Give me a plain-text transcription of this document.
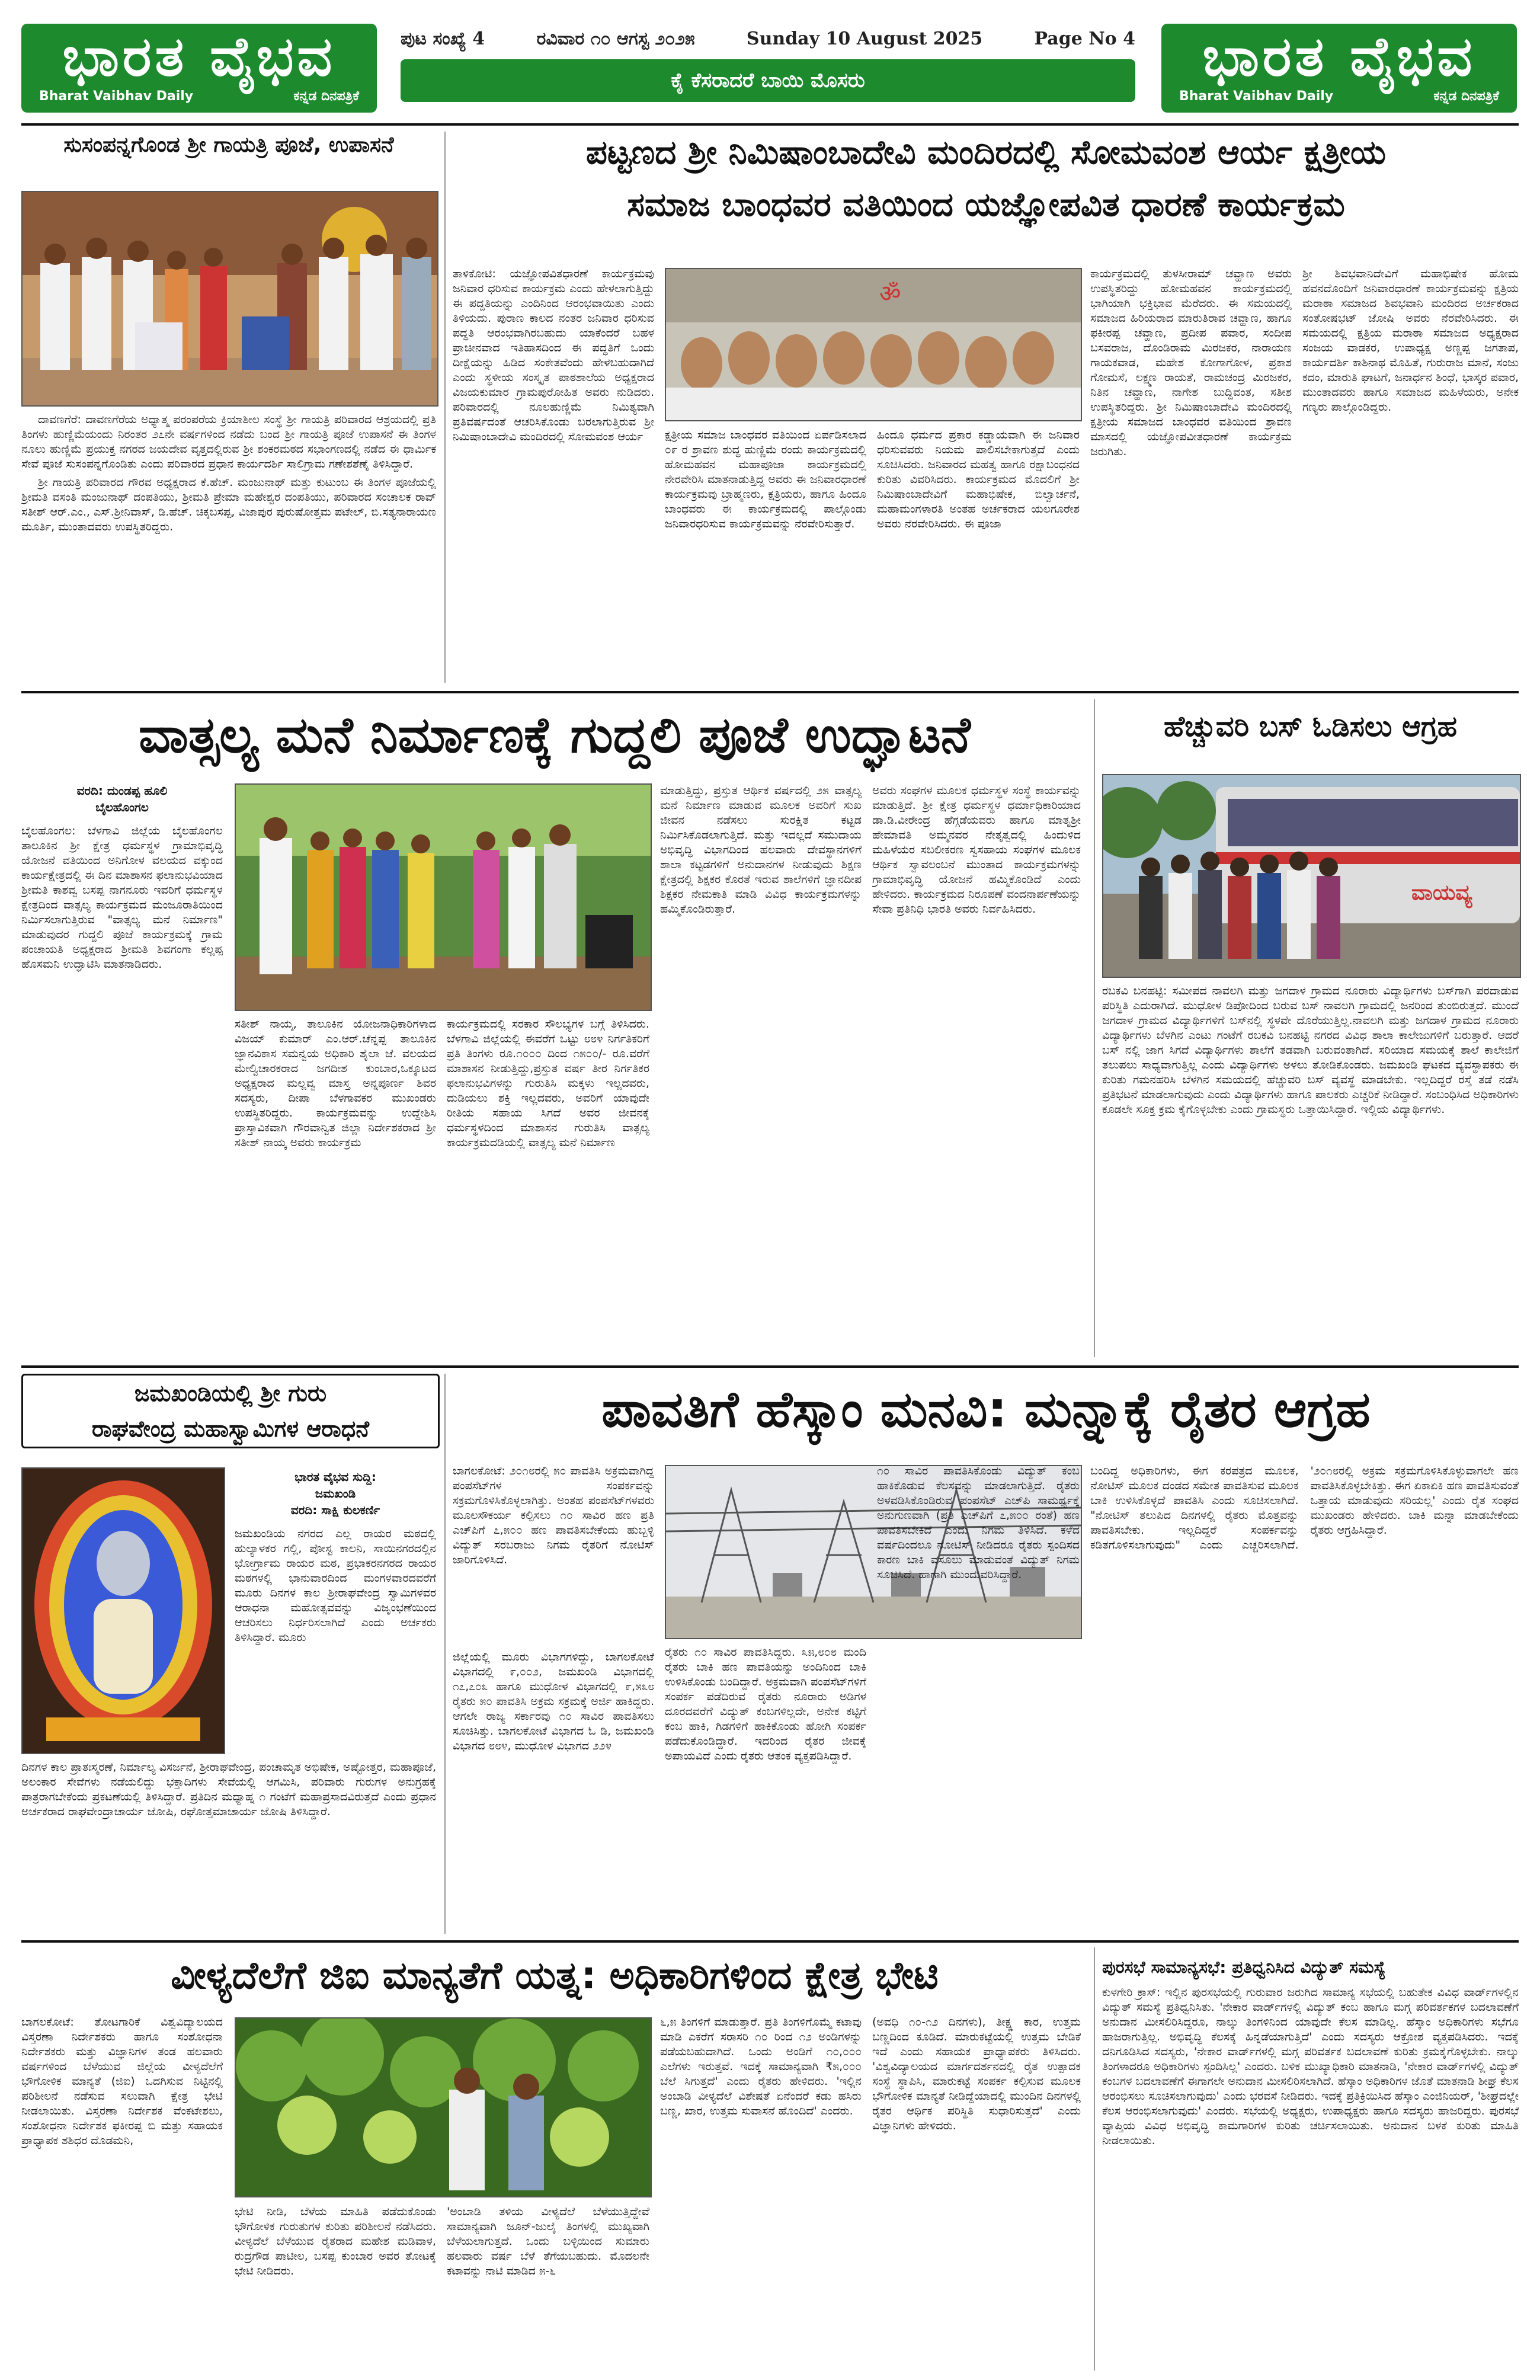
ಭಾರತ ವೈಭವ
Bharat Vaibhav Daily	ಕನ್ನಡ ದಿನಪತ್ರಿಕೆ
ಪುಟ ಸಂಖ್ಯೆ 4	ರವಿವಾರ ೧೦ ಆಗಸ್ಟ ೨೦೨೫	Sunday 10 August 2025	Page No 4
ಕೈ ಕೆಸರಾದರೆ ಬಾಯಿ ಮೊಸರು	ಭಾರತ ವೈಭವ
Bharat Vaibhav Daily	ಕನ್ನಡ ದಿನಪತ್ರಿಕೆ
ಸುಸಂಪನ್ನಗೊಂಡ ಶ್ರೀ ಗಾಯತ್ರಿ ಪೂಜೆ, ಉಪಾಸನೆ

ದಾವಣಗೆರೆ: ದಾವಣಗೆರೆಯ ಅಧ್ಯಾತ್ಮ ಪರಂಪರೆಯ ಕ್ರಿಯಾಶೀಲ ಸಂಸ್ಥೆ ಶ್ರೀ ಗಾಯತ್ರಿ ಪರಿವಾರದ ಆಶ್ರಯದಲ್ಲಿ ಪ್ರತಿ ತಿಂಗಳು ಹುಣ್ಣಿಮೆಯಂದು ನಿರಂತರ ೨೭ನೇ ವರ್ಷಗಳಿಂದ ನಡೆದು ಬಂದ ಶ್ರೀ ಗಾಯತ್ರಿ ಪೂಜೆ ಉಪಾಸನೆ ಈ ತಿಂಗಳ ನೂಲು ಹುಣ್ಣಿಮೆ ಪ್ರಯುಕ್ತ ನಗರದ ಜಯದೇವ ವೃತ್ತದಲ್ಲಿರುವ ಶ್ರೀ ಶಂಕರಮಠದ ಸಭಾಂಗಣದಲ್ಲಿ ನಡೆದ ಈ ಧಾರ್ಮಿಕ ಸೇವೆ ಪೂಜೆ ಸುಸಂಪನ್ನಗೊಂಡಿತು ಎಂದು ಪರಿವಾರದ ಪ್ರಧಾನ ಕಾರ್ಯದರ್ಶಿ ಸಾಲಿಗ್ರಾಮ ಗಣೇಶಶೆಣೈ ತಿಳಿಸಿದ್ದಾರೆ.

ಶ್ರೀ ಗಾಯತ್ರಿ ಪರಿವಾರದ ಗೌರವ ಅಧ್ಯಕ್ಷರಾದ ಕೆ.ಹೆಚ್. ಮಂಜುನಾಥ್ ಮತ್ತು ಕುಟುಂಬ ಈ ತಿಂಗಳ ಪೂಜೆಯಲ್ಲಿ ಶ್ರೀಮತಿ ವಸಂತಿ ಮಂಜುನಾಥ್ ದಂಪತಿಯು, ಶ್ರೀಮತಿ ಪ್ರೇಮಾ ಮಹೇಶ್ವರ ದಂಪತಿಯು, ಪರಿವಾರದ ಸಂಚಾಲಕ ರಾವ್ ಸತೀಶ್ ಆರ್.ಎಂ., ಎಸ್.ಶ್ರೀನಿವಾಸ್, ಡಿ.ಹೆಚ್. ಚಿಕ್ಕಬಸಪ್ಪ, ವಿಜಾಪುರ ಪುರುಷೋತ್ತಮ ಪಟೇಲ್, ಬಿ.ಸತ್ಯನಾರಾಯಣ ಮೂರ್ತಿ, ಮುಂತಾದವರು ಉಪಸ್ಥಿತರಿದ್ದರು.

ಪಟ್ಟಣದ ಶ್ರೀ ನಿಮಿಷಾಂಬಾದೇವಿ ಮಂದಿರದಲ್ಲಿ ಸೋಮವಂಶ ಆರ್ಯ ಕ್ಷತ್ರೀಯ
ಸಮಾಜ ಬಾಂಧವರ ವತಿಯಿಂದ ಯಜ್ಞೋಪವಿತ ಧಾರಣೆ ಕಾರ್ಯಕ್ರಮ
ತಾಳಿಕೋಟಿ: ಯಜ್ಞೋಪವಿತಧಾರಣೆ ಕಾರ್ಯಕ್ರಮವು ಜನಿವಾರ ಧರಿಸುವ ಕಾರ್ಯಕ್ರಮ ಎಂದು ಹೇಳಲಾಗುತ್ತಿದ್ದು ಈ ಪದ್ದತಿಯನ್ನು ಎಂದಿನಿಂದ ಆರಂಭವಾಯಿತು ಎಂದು ತಿಳಿಯದು. ಪುರಾಣ ಕಾಲದ ನಂತರ ಜನಿವಾರ ಧರಿಸುವ ಪದ್ಧತಿ ಆರಂಭವಾಗಿರಬಹುದು ಯಾಕೆಂದರೆ ಬಹಳ ಪ್ರಾಚೀನವಾದ ಇತಿಹಾಸದಿಂದ ಈ ಪದ್ಧತಿಗೆ ಒಂದು ದೀಕ್ಷೆಯನ್ನು ಹಿಡಿದ ಸಂಕೇತವೆಂದು ಹೇಳಬಹುದಾಗಿದೆ ಎಂದು ಸ್ಥಳೀಯ ಸಂಸ್ಕೃತ ಪಾಠಶಾಲೆಯ ಅಧ್ಯಕ್ಷರಾದ ವಿಜಯಕುಮಾರ ಗ್ರಾಮಪುರೋಹಿತ ಅವರು ನುಡಿದರು. ಪರಿವಾರದಲ್ಲಿ ನೂಲಹುಣ್ಣಿಮೆ ನಿಮಿತ್ಯವಾಗಿ ಪ್ರತಿವರ್ಷದಂತೆ ಆಚರಿಸಿಕೊಂಡು ಬರಲಾಗುತ್ತಿರುವ ಶ್ರೀ ನಿಮಿಷಾಂಬಾದೇವಿ ಮಂದಿರದಲ್ಲಿ ಸೋಮವಂಶ ಆರ್ಯ
ॐ
ಕ್ಷತ್ರೀಯ ಸಮಾಜ ಬಾಂಧವರ ವತಿಯಿಂದ ಏರ್ಪಡಿಸಲಾದ ೦೯ ರ ಶ್ರಾವಣ ಶುದ್ಧ ಹುಣ್ಣಿಮೆ ರಂದು ಕಾರ್ಯಕ್ರಮದಲ್ಲಿ ಹೋಮಹವನ ಮಹಾಪೂಜಾ ಕಾರ್ಯಕ್ರಮದಲ್ಲಿ ನೇರವೇರಿಸಿ ಮಾತನಾಡುತ್ತಿದ್ದ ಅವರು ಈ ಜನಿವಾರಧಾರಣೆ ಕಾರ್ಯಕ್ರಮವು ಬ್ರಾಹ್ಮಣರು, ಕ್ಷತ್ರಿಯರು, ಹಾಗೂ ಹಿಂದೂ ಬಾಂಧವರು ಈ ಕಾರ್ಯಕ್ರಮದಲ್ಲಿ ಪಾಲ್ಗೊಂಡು ಜನಿವಾರಧರಿಸುವ ಕಾರ್ಯಕ್ರಮವನ್ನು ನೆರವೇರಿಸುತ್ತಾರೆ.
ಹಿಂದೂ ಧರ್ಮದ ಪ್ರಕಾರ ಕಡ್ಡಾಯವಾಗಿ ಈ ಜನಿವಾರ ಧರಿಸುವವರು ನಿಯಮ ಪಾಲಿಸಬೇಕಾಗುತ್ತದೆ ಎಂದು ಸೂಚಿಸಿದರು. ಜನಿವಾರದ ಮಹತ್ವ ಹಾಗೂ ರಕ್ಷಾಬಂಧನದ ಕುರಿತು ವಿವರಿಸಿದರು. ಕಾರ್ಯಕ್ರಮದ ಮೊದಲಿಗೆ ಶ್ರೀ ನಿಮಿಷಾಂಬಾದೇವಿಗೆ ಮಹಾಭಿಷೇಕ, ಬಿಲ್ವಾರ್ಚನೆ, ಮಹಾಮಂಗಳಾರತಿ ಅಂತಹ ಅರ್ಚಕರಾದ ಯಲಗೂರೇಶ ಅವರು ನೆರವೇರಿಸಿದರು. ಈ ಪೂಜಾ
ಕಾರ್ಯಕ್ರಮದಲ್ಲಿ ತುಳಸೀರಾಮ್ ಚವ್ಹಾಣ ಅವರು ಉಪಸ್ಥಿತರಿದ್ದು ಹೋಮಹವನ ಕಾರ್ಯಕ್ರಮದಲ್ಲಿ ಭಾಗಿಯಾಗಿ ಭಕ್ತಿಭಾವ ಮೆರೆದರು. ಈ ಸಮಯದಲ್ಲಿ ಸಮಾಜದ ಹಿರಿಯರಾದ ಮಾರುತಿರಾವ ಚವ್ಹಾಣ, ಹಾಗೂ ಫಕೀರಪ್ಪ ಚವ್ಹಾಣ, ಪ್ರದೀಪ ಪವಾರ, ಸಂದೀಪ ಬಸವರಾಜ, ದೊಂಡಿರಾಮ ಮಿರಜಕರ, ನಾರಾಯಣ ಗಾಯಕವಾಡ, ಮಹೇಶ ಕೋಗಾಗೋಳ, ಪ್ರಕಾಶ ಗೋಮಸೆ, ಲಕ್ಷ್ಮಣ ರಾಯತೆ, ರಾಮಚಂದ್ರ ಮಿರಜಕರ, ನಿತಿನ ಚವ್ಹಾಣ, ನಾಗೇಶ ಬುದ್ದಿವಂತ, ಸತೀಶ ಉಪಸ್ಥಿತರಿದ್ದರು. ಶ್ರೀ ನಿಮಿಷಾಂಬಾದೇವಿ ಮಂದಿರದಲ್ಲಿ ಕ್ಷತ್ರೀಯ ಸಮಾಜದ ಬಾಂಧವರ ವತಿಯಿಂದ ಶ್ರಾವಣ ಮಾಸದಲ್ಲಿ ಯಜ್ಞೋಪವೀತಧಾರಣೆ ಕಾರ್ಯಕ್ರಮ ಜರುಗಿತು.
ಶ್ರೀ ಶಿವಭವಾನಿದೇವಿಗೆ ಮಹಾಭಿಷೇಕ ಹೋಮ ಹವನದೊಂದಿಗೆ ಜನಿವಾರಧಾರಣೆ ಕಾರ್ಯಕ್ರಮವನ್ನು ಕ್ಷತ್ರಿಯ ಮರಾಠಾ ಸಮಾಜದ ಶಿವಭವಾನಿ ಮಂದಿರದ ಅರ್ಚಕರಾದ ಸಂತೋಷಭಟ್ ಜೋಷಿ ಅವರು ನೆರವೇರಿಸಿದರು. ಈ ಸಮಯದಲ್ಲಿ ಕ್ಷತ್ರಿಯ ಮರಾಠಾ ಸಮಾಜದ ಅಧ್ಯಕ್ಷರಾದ ಸಂಜಯ ವಾಡಕರ, ಉಪಾಧ್ಯಕ್ಷ ಅಣ್ಣಪ್ಪ ಜಗತಾಪ, ಕಾರ್ಯದರ್ಶಿ ಕಾಶಿನಾಥ ಮೊಹಿತೆ, ಗುರುರಾಜ ಮಾನೆ, ಸಂಜು ಕದಂ, ಮಾರುತಿ ಘಾಟಗೆ, ಜನಾರ್ಧನ ಶಿಂಧೆ, ಭಾಸ್ಕರ ಪವಾರ, ಮುಂತಾದವರು ಹಾಗೂ ಸಮಾಜದ ಮಹಿಳೆಯರು, ಅನೇಕ ಗಣ್ಯರು ಪಾಲ್ಗೊಂಡಿದ್ದರು.
ವಾತ್ಸಲ್ಯ ಮನೆ ನಿರ್ಮಾಣಕ್ಕೆ ಗುದ್ದಲಿ ಪೂಜೆ ಉದ್ಘಾಟನೆ
ವರದಿ: ದುಂಡಪ್ಪ ಹೂಲಿ
ಬೈಲಹೊಂಗಲ
ಬೈಲಹೊಂಗಲ: ಬೆಳಗಾವಿ ಜಿಲ್ಲೆಯ ಬೈಲಹೊಂಗಲ ತಾಲೂಕಿನ ಶ್ರೀ ಕ್ಷೇತ್ರ ಧರ್ಮಸ್ಥಳ ಗ್ರಾಮಾಭಿವೃದ್ಧಿ ಯೋಜನೆ ವತಿಯಿಂದ ಅನಿಗೋಳ ವಲಯದ ವಕ್ಕುಂದ ಕಾರ್ಯಕ್ಷೇತ್ರದಲ್ಲಿ ಈ ದಿನ ಮಾಶಾಸನ ಫಲಾನುಭವಿಯಾದ ಶ್ರೀಮತಿ ಕಾಶವ್ವ ಬಸಪ್ಪ ನಾಗನೂರು ಇವರಿಗೆ ಧರ್ಮಸ್ಥಳ ಕ್ಷೇತ್ರದಿಂದ ವಾತ್ಸಲ್ಯ ಕಾರ್ಯಕ್ರಮದ ಮಂಜೂರಾತಿಯಿಂದ ನಿರ್ಮಿಸಲಾಗುತ್ತಿರುವ "ವಾತ್ಸಲ್ಯ ಮನೆ ನಿರ್ಮಾಣ" ಮಾಡುವುದರ ಗುದ್ದಲಿ ಪೂಜೆ ಕಾರ್ಯಕ್ರಮಕ್ಕೆ ಗ್ರಾಮ ಪಂಚಾಯತಿ ಅಧ್ಯಕ್ಷರಾದ ಶ್ರೀಮತಿ ಶಿವಗಂಗಾ ಕಲ್ಲಪ್ಪ ಹೊಸಮನಿ ಉದ್ಘಾಟಿಸಿ ಮಾತನಾಡಿದರು.
ಸತೀಶ್ ನಾಯ್ಕ, ತಾಲೂಕಿನ ಯೋಜನಾಧಿಕಾರಿಗಳಾದ ವಿಜಯ್ ಕುಮಾರ್ ಎಂ.ಆರ್.ಚೆನ್ನಪ್ಪ ತಾಲೂಕಿನ ಜ್ಞಾನವಿಕಾಸ ಸಮನ್ವಯ ಅಧಿಕಾರಿ ಶೈಲಾ ಜೆ. ವಲಯದ ಮೇಲ್ವಿಚಾರಕರಾದ ಜಗದೀಶ ಕುಂಬಾರ,ಒಕ್ಕೂಟದ ಅಧ್ಯಕ್ಷರಾದ ಮಲ್ಲವ್ವ ಮಾಸ್ತ ಅನ್ನಪೂರ್ಣ ಶಿವರ ಸದಸ್ಯರು, ದೀಪಾ ಬೆಳಗಾವಕರ ಮುಖಂಡರು ಉಪಸ್ಥಿತರಿದ್ದರು. ಕಾರ್ಯಕ್ರಮವನ್ನು ಉದ್ದೇಶಿಸಿ ಪ್ರಾಸ್ತಾವಿಕವಾಗಿ ಗೌರವಾನ್ವಿತ ಜಿಲ್ಲಾ ನಿರ್ದೇಶಕರಾದ ಶ್ರೀ ಸತೀಶ್ ನಾಯ್ಕ ಅವರು ಕಾರ್ಯಕ್ರಮ
ಕಾರ್ಯಕ್ರಮದಲ್ಲಿ ಸರಕಾರ ಸೌಲಭ್ಯಗಳ ಬಗ್ಗೆ ತಿಳಿಸಿದರು. ಬೆಳಗಾವಿ ಜಿಲ್ಲೆಯಲ್ಲಿ ಈವರೆಗೆ ಒಟ್ಟು ೮೮೪ ನಿರ್ಗತಿಕರಿಗೆ ಪ್ರತಿ ತಿಂಗಳು ರೂ.೧೦೦೦ ದಿಂದ ೧೫೦೦/- ರೂ.ವರೆಗೆ ಮಾಶಾಸನ ನೀಡುತ್ತಿದ್ದು,ಪ್ರಸ್ತುತ ವರ್ಷ ತೀರ ನಿರ್ಗತಿಕರ ಫಲಾನುಭವಿಗಳನ್ನು ಗುರುತಿಸಿ ಮಕ್ಕಳು ಇಲ್ಲದವರು, ದುಡಿಯಲು ಶಕ್ತಿ ಇಲ್ಲದವರು, ಅವರಿಗೆ ಯಾವುದೇ ರೀತಿಯ ಸಹಾಯ ಸಿಗದೆ ಅವರ ಜೀವನಕ್ಕೆ ಧರ್ಮಸ್ಥಳದಿಂದ ಮಾಶಾಸನ ಗುರುತಿಸಿ ವಾತ್ಸಲ್ಯ ಕಾರ್ಯಕ್ರಮದಡಿಯಲ್ಲಿ ವಾತ್ಸಲ್ಯ ಮನೆ ನಿರ್ಮಾಣ
ಮಾಡುತ್ತಿದ್ದು, ಪ್ರಸ್ತುತ ಆರ್ಥಿಕ ವರ್ಷದಲ್ಲಿ ೨೫ ವಾತ್ಸಲ್ಯ ಮನೆ ನಿರ್ಮಾಣ ಮಾಡುವ ಮೂಲಕ ಅವರಿಗೆ ಸುಖ ಜೀವನ ನಡೆಸಲು ಸುರಕ್ಷಿತ ಕಟ್ಟಡ ನಿರ್ಮಿಸಿಕೊಡಲಾಗುತ್ತಿದೆ. ಮತ್ತು ಇದಲ್ಲದೆ ಸಮುದಾಯ ಅಭಿವೃದ್ಧಿ ವಿಭಾಗದಿಂದ ಹಲವಾರು ದೇವಸ್ಥಾನಗಳಿಗೆ ಶಾಲಾ ಕಟ್ಟಡಗಳಿಗೆ ಅನುದಾನಗಳ ನೀಡುವುದು ಶಿಕ್ಷಣ ಕ್ಷೇತ್ರದಲ್ಲಿ ಶಿಕ್ಷಕರ ಕೊರತೆ ಇರುವ ಶಾಲೆಗಳಿಗೆ ಜ್ಞಾನದೀಪ ಶಿಕ್ಷಕರ ನೇಮಕಾತಿ ಮಾಡಿ ವಿವಿಧ ಕಾರ್ಯಕ್ರಮಗಳನ್ನು ಹಮ್ಮಿಕೊಂಡಿರುತ್ತಾರೆ.
ಅವರು ಸಂಘಗಳ ಮೂಲಕ ಧರ್ಮಸ್ಥಳ ಸಂಸ್ಥೆ ಕಾರ್ಯವನ್ನು ಮಾಡುತ್ತಿದೆ. ಶ್ರೀ ಕ್ಷೇತ್ರ ಧರ್ಮಸ್ಥಳ ಧರ್ಮಾಧಿಕಾರಿಯಾದ ಡಾ.ಡಿ.ವೀರೇಂದ್ರ ಹೆಗ್ಗಡೆಯವರು ಹಾಗೂ ಮಾತೃಶ್ರೀ ಹೇಮಾವತಿ ಅಮ್ಮನವರ ನೇತೃತ್ವದಲ್ಲಿ ಹಿಂದುಳಿದ ಮಹಿಳೆಯರ ಸಬಲೀಕರಣ ಸ್ವಸಹಾಯ ಸಂಘಗಳ ಮೂಲಕ ಆರ್ಥಿಕ ಸ್ವಾವಲಂಬನೆ ಮುಂತಾದ ಕಾರ್ಯಕ್ರಮಗಳನ್ನು ಗ್ರಾಮಾಭಿವೃದ್ಧಿ ಯೋಜನೆ ಹಮ್ಮಿಕೊಂಡಿದೆ ಎಂದು ಹೇಳಿದರು. ಕಾರ್ಯಕ್ರಮದ ನಿರೂಪಣೆ ವಂದನಾರ್ಪಣೆಯನ್ನು ಸೇವಾ ಪ್ರತಿನಿಧಿ ಭಾರತಿ ಅವರು ನಿರ್ವಹಿಸಿದರು.
ಹೆಚ್ಚುವರಿ ಬಸ್ ಓಡಿಸಲು ಆಗ್ರಹ
ವಾಯವ್ಯ
ರಬಕವಿ ಬನಹಟ್ಟಿ: ಸಮೀಪದ ನಾವಲಗಿ ಮತ್ತು ಜಗದಾಳ ಗ್ರಾಮದ ನೂರಾರು ವಿದ್ಯಾರ್ಥಿಗಳು ಬಸ್‌ಗಾಗಿ ಪರದಾಡುವ ಪರಿಸ್ಥಿತಿ ಎದುರಾಗಿದೆ. ಮುಧೋಳ ಡಿಪೋದಿಂದ ಬರುವ ಬಸ್ ನಾವಲಗಿ ಗ್ರಾಮದಲ್ಲಿ ಜನರಿಂದ ತುಂಬಿರುತ್ತದೆ. ಮುಂದೆ ಜಗದಾಳ ಗ್ರಾಮದ ವಿದ್ಯಾರ್ಥಿಗಳಿಗೆ ಬಸ್‌ನಲ್ಲಿ ಸ್ಥಳವೇ ದೊರೆಯುತ್ತಿಲ್ಲ.ನಾವಲಗಿ ಮತ್ತು ಜಗದಾಳ ಗ್ರಾಮದ ನೂರಾರು ವಿದ್ಯಾರ್ಥಿಗಳು ಬೆಳಗಿನ ಎಂಟು ಗಂಟೆಗೆ ರಬಕವಿ ಬನಹಟ್ಟಿ ನಗರದ ವಿವಿಧ ಶಾಲಾ ಕಾಲೇಜುಗಳಿಗೆ ಬರುತ್ತಾರೆ. ಆದರೆ ಬಸ್ ನಲ್ಲಿ ಜಾಗ ಸಿಗದೆ ವಿದ್ಯಾರ್ಥಿಗಳು ಶಾಲೆಗೆ ತಡವಾಗಿ ಬರುವಂತಾಗಿದೆ. ಸರಿಯಾದ ಸಮಯಕ್ಕೆ ಶಾಲೆ ಕಾಲೇಜಿಗೆ ತಲುಪಲು ಸಾಧ್ಯವಾಗುತ್ತಿಲ್ಲ ಎಂದು ವಿದ್ಯಾರ್ಥಿಗಳು ಅಳಲು ತೋಡಿಕೊಂಡರು. ಜಮಖಂಡಿ ಘಟಕದ ವ್ಯವಸ್ಥಾಪಕರು ಈ ಕುರಿತು ಗಮನಹರಿಸಿ ಬೆಳಗಿನ ಸಮಯದಲ್ಲಿ ಹೆಚ್ಚುವರಿ ಬಸ್ ವ್ಯವಸ್ಥೆ ಮಾಡಬೇಕು. ಇಲ್ಲದಿದ್ದರೆ ರಸ್ತೆ ತಡೆ ನಡೆಸಿ ಪ್ರತಿಭಟನೆ ಮಾಡಲಾಗುವುದು ಎಂದು ವಿದ್ಯಾರ್ಥಿಗಳು ಹಾಗೂ ಪಾಲಕರು ಎಚ್ಚರಿಕೆ ನೀಡಿದ್ದಾರೆ. ಸಂಬಂಧಿಸಿದ ಅಧಿಕಾರಿಗಳು ಕೂಡಲೇ ಸೂಕ್ತ ಕ್ರಮ ಕೈಗೊಳ್ಳಬೇಕು ಎಂದು ಗ್ರಾಮಸ್ಥರು ಒತ್ತಾಯಿಸಿದ್ದಾರೆ. ಇಲ್ಲಿಯ ವಿದ್ಯಾರ್ಥಿಗಳು.
ಜಮಖಂಡಿಯಲ್ಲಿ ಶ್ರೀ ಗುರು
ರಾಘವೇಂದ್ರ ಮಹಾಸ್ವಾಮಿಗಳ ಆರಾಧನೆ
ಭಾರತ ವೈಭವ ಸುದ್ದಿ:
ಜಮಖಂಡಿ
ವರದಿ: ಸಾಕ್ಷಿ ಕುಲಕರ್ಣಿ
ಜಮಖಂಡಿಯ ನಗರದ ಎಲ್ಲ ರಾಯರ ಮಠದಲ್ಲಿ ಹುಲ್ಯಾಳಕರ ಗಲ್ಲಿ, ಪೋಸ್ಟ ಕಾಲನಿ, ಸಾಯಿನಗರದಲ್ಲಿನ ಭೋರ್ಗ್ರಾಮ ರಾಯರ ಮಠ, ಪ್ರಭಾಕರನಗರದ ರಾಯರ ಮಠಗಳಲ್ಲಿ ಭಾನುವಾರದಿಂದ ಮಂಗಳವಾರದವರೆಗೆ ಮೂರು ದಿನಗಳ ಕಾಲ ಶ್ರೀರಾಘವೇಂದ್ರ ಸ್ವಾಮಿಗಳವರ ಆರಾಧನಾ ಮಹೋತ್ಸವವನ್ನು ವಿಜೃಂಭಣೆಯಿಂದ ಆಚರಿಸಲು ನಿರ್ಧರಿಸಲಾಗಿದೆ ಎಂದು ಅರ್ಚಕರು ತಿಳಿಸಿದ್ದಾರೆ. ಮೂರು
ದಿನಗಳ ಕಾಲ ಪ್ರಾತಃಸ್ಮರಣೆ, ನಿರ್ಮಾಲ್ಯ ವಿಸರ್ಜನೆ, ಶ್ರೀರಾಘವೇಂದ್ರ, ಪಂಚಾಮೃತ ಅಭಿಷೇಕ, ಅಷ್ಟೋತ್ತರ, ಮಹಾಪೂಜೆ, ಅಲಂಕಾರ ಸೇವೆಗಳು ನಡೆಯಲಿದ್ದು ಭಕ್ತಾದಿಗಳು ಸೇವೆಯಲ್ಲಿ ಆಗಮಿಸಿ, ಪರಿವಾರು ಗುರುಗಳ ಅನುಗ್ರಹಕ್ಕೆ ಪಾತ್ರರಾಗಬೇಕೆಂದು ಪ್ರಕಟಣೆಯಲ್ಲಿ ತಿಳಿಸಿದ್ದಾರೆ. ಪ್ರತಿದಿನ ಮಧ್ಯಾಹ್ನ ೧ ಗಂಟೆಗೆ ಮಹಾಪ್ರಸಾದವಿರುತ್ತದೆ ಎಂದು ಪ್ರಧಾನ ಅರ್ಚಕರಾದ ರಾಘವೇಂದ್ರಾಚಾರ್ಯ ಜೋಷಿ, ರಘೋತ್ತಮಾಚಾರ್ಯ ಜೋಷಿ ತಿಳಿಸಿದ್ದಾರೆ.
ಪಾವತಿಗೆ ಹೆಸ್ಕಾಂ ಮನವಿ: ಮನ್ನಾಕ್ಕೆ ರೈತರ ಆಗ್ರಹ
ಬಾಗಲಕೋಟೆ: ೨೦೧೮ರಲ್ಲಿ ೫೦ ಪಾವತಿಸಿ ಅಕ್ರಮವಾಗಿದ್ದ ಪಂಪಸೆಟ್‌ಗಳ ಸಂಪರ್ಕವನ್ನು ಸಕ್ರಮಗೊಳಿಸಿಕೊಳ್ಳಲಾಗಿತ್ತು. ಅಂತಹ ಪಂಪಸೆಟ್‌ಗಳವರು ಮೂಲಸೌಕರ್ಯ ಕಲ್ಪಿಸಲು ೧೦ ಸಾವಿರ ಹಣ ಪ್ರತಿ ಎಚ್‌ಪಿಗೆ ೭,೫೦೦ ಹಣ ಪಾವತಿಸಬೇಕೆಂದು ಹುಬ್ಬಳ್ಳಿ ವಿದ್ಯುತ್ ಸರಬರಾಜು ನಿಗಮ ರೈತರಿಗೆ ನೋಟಿಸ್ ಜಾರಿಗೊಳಿಸಿದೆ.
ಜಿಲ್ಲೆಯಲ್ಲಿ ಮೂರು ವಿಭಾಗಗಳಿದ್ದು, ಬಾಗಲಕೋಟೆ ವಿಭಾಗದಲ್ಲಿ ೯,೦೦೨, ಜಮಖಂಡಿ ವಿಭಾಗದಲ್ಲಿ ೧೭,೭೦೩ ಹಾಗೂ ಮುಧೋಳ ವಿಭಾಗದಲ್ಲಿ ೯,೫೩೮ ರೈತರು ೫೦ ಪಾವತಿಸಿ ಅಕ್ರಮ ಸಕ್ರಮಕ್ಕೆ ಅರ್ಜಿ ಹಾಕಿದ್ದರು. ಆಗಲೇ ರಾಜ್ಯ ಸರ್ಕಾರವು ೧೦ ಸಾವಿರ ಪಾವತಿಸಲು ಸೂಚಿಸಿತ್ತು. ಬಾಗಲಕೋಟೆ ವಿಭಾಗದ ಓ ಡಿ, ಜಮಖಂಡಿ ವಿಭಾಗದ ೮೮೪, ಮುಧೋಳ ವಿಭಾಗದ ೨೨೪
ರೈತರು ೧೦ ಸಾವಿರ ಪಾವತಿಸಿದ್ದರು. ೩೫,೮೦೮ ಮಂದಿ ರೈತರು ಬಾಕಿ ಹಣ ಪಾವತಿಯನ್ನು ಅಂದಿನಿಂದ ಬಾಕಿ ಉಳಿಸಿಕೊಂಡು ಬಂದಿದ್ದಾರೆ. ಅಕ್ರಮವಾಗಿ ಪಂಪಸೆಟ್‌ಗಳಿಗೆ ಸಂಪರ್ಕ ಪಡೆದಿರುವ ರೈತರು ನೂರಾರು ಅಡಿಗಳ ದೂರದವರೆಗೆ ವಿದ್ಯುತ್ ಕಂಬಗಳಿಲ್ಲದೇ, ಅನೇಕ ಕಟ್ಟಿಗೆ ಕಂಬ ಹಾಕಿ, ಗಿಡಗಳಿಗೆ ಹಾಕಿಕೊಂಡು ಹೋಗಿ ಸಂಪರ್ಕ ಪಡೆದುಕೊಂಡಿದ್ದಾರೆ. ಇದರಿಂದ ರೈತರ ಜೀವಕ್ಕೆ ಅಪಾಯವಿದೆ ಎಂದು ರೈತರು ಆತಂಕ ವ್ಯಕ್ತಪಡಿಸಿದ್ದಾರೆ.
೧೦ ಸಾವಿರ ಪಾವತಿಸಿಕೊಂಡು ವಿದ್ಯುತ್ ಕಂಬ ಹಾಕಿಕೊಡುವ ಕೆಲಸವನ್ನು ಮಾಡಲಾಗುತ್ತಿದೆ. ರೈತರು ಅಳವಡಿಸಿಕೊಂಡಿರುವ ಪಂಪಸೆಟ್ ಎಚ್‌ಪಿ ಸಾಮರ್ಥ್ಯಕ್ಕೆ ಅನುಗುಣವಾಗಿ (ಪ್ರತಿ ಎಚ್‌ಪಿಗೆ ೭,೫೦೦ ರಂತೆ) ಹಣ ಪಾವತಿಸಬೇಕಿದೆ ಎಂದು ನಿಗಮ ತಿಳಿಸಿದೆ. ಕಳೆದ ವರ್ಷದಿಂದಲೂ ನೋಟಿಸ್ ನೀಡಿದರೂ ರೈತರು ಸ್ಪಂದಿಸದ ಕಾರಣ ಬಾಕಿ ವಸೂಲು ಮಾಡುವಂತೆ ವಿದ್ಯುತ್ ನಿಗಮ ಸೂಚಿಸಿದೆ. ಹಾಗಾಗಿ ಮುಂದುವರಿಸಿದ್ದಾರೆ.
ಬಂದಿದ್ದ ಅಧಿಕಾರಿಗಳು, ಈಗ ಕರಪತ್ರದ ಮೂಲಕ, ನೋಟಿಸ್ ಮೂಲಕ ದಂಡದ ಸಮೇತ ಪಾವತಿಸುವ ಮೂಲಕ ಬಾಕಿ ಉಳಿಸಿಕೊಳ್ಳದೆ ಪಾವತಿಸಿ ಎಂದು ಸೂಚಿಸಲಾಗಿದೆ. "ನೋಟಿಸ್ ತಲುಪಿದ ದಿನಗಳಲ್ಲಿ ರೈತರು ಮೊತ್ತವನ್ನು ಪಾವತಿಸಬೇಕು. ಇಲ್ಲದಿದ್ದರೆ ಸಂಪರ್ಕವನ್ನು ಕಡಿತಗೊಳಿಸಲಾಗುವುದು" ಎಂದು ಎಚ್ಚರಿಸಲಾಗಿದೆ. '೨೦೧೮ರಲ್ಲಿ ಅಕ್ರಮ ಸಕ್ರಮಗೊಳಿಸಿಕೊಳ್ಳುವಾಗಲೇ ಹಣ ಪಾವತಿಸಿಕೊಳ್ಳಬೇಕಿತ್ತು. ಈಗ ಏಕಾಏಕಿ ಹಣ ಪಾವತಿಸುವಂತೆ ಒತ್ತಾಯ ಮಾಡುವುದು ಸರಿಯಲ್ಲ' ಎಂದು ರೈತ ಸಂಘದ ಮುಖಂಡರು ಹೇಳಿದರು. ಬಾಕಿ ಮನ್ನಾ ಮಾಡಬೇಕೆಂದು ರೈತರು ಆಗ್ರಹಿಸಿದ್ದಾರೆ.
ವೀಳ್ಯದೆಲೆಗೆ ಜಿಐ ಮಾನ್ಯತೆಗೆ ಯತ್ನ: ಅಧಿಕಾರಿಗಳಿಂದ ಕ್ಷೇತ್ರ ಭೇಟಿ
ಬಾಗಲಕೋಟೆ: ತೋಟಗಾರಿಕೆ ವಿಶ್ವವಿದ್ಯಾಲಯದ ವಿಸ್ತರಣಾ ನಿರ್ದೇಶಕರು ಹಾಗೂ ಸಂಶೋಧನಾ ನಿರ್ದೇಶಕರು ಮತ್ತು ವಿಜ್ಞಾನಿಗಳ ತಂಡ ಹಲವಾರು ವರ್ಷಗಳಿಂದ ಬೆಳೆಯುವ ಜಿಲ್ಲೆಯ ವೀಳ್ಯದೆಲೆಗೆ ಭೌಗೋಳಿಕ ಮಾನ್ಯತೆ (ಜಿಐ) ಒದಗಿಸುವ ನಿಟ್ಟಿನಲ್ಲಿ ಪರಿಶೀಲನೆ ನಡೆಸುವ ಸಲುವಾಗಿ ಕ್ಷೇತ್ರ ಭೇಟಿ ನೀಡಲಾಯಿತು. ವಿಸ್ತರಣಾ ನಿರ್ದೇಶಕ ವೆಂಕಟೇಶಲು, ಸಂಶೋಧನಾ ನಿರ್ದೇಶಕ ಫಕೀರಪ್ಪ ಬಿ ಮತ್ತು ಸಹಾಯಕ ಪ್ರಾಧ್ಯಾಪಕ ಶಶಿಧರ ದೊಡಮನಿ,
ಭೇಟಿ ನೀಡಿ, ಬೆಳೆಯ ಮಾಹಿತಿ ಪಡೆದುಕೊಂಡು ಭೌಗೋಳಿಕ ಗುರುತುಗಳ ಕುರಿತು ಪರಿಶೀಲನೆ ನಡೆಸಿದರು. ವೀಳ್ಯದೆಲೆ ಬೆಳೆಯುವ ರೈತರಾದ ಮಹೇಶ ಮಡಿವಾಳ, ರುದ್ರಗೌಡ ಪಾಟೀಲ, ಬಸಪ್ಪ ಕುಂಬಾರ ಅವರ ತೋಟಕ್ಕೆ ಭೇಟಿ ನೀಡಿದರು.
'ಅಂಬಾಡಿ ತಳಿಯ ವೀಳ್ಯದೆಲೆ ಬೆಳೆಯುತ್ತಿದ್ದೇವೆ ಸಾಮಾನ್ಯವಾಗಿ ಜೂನ್-ಜುಲೈ ತಿಂಗಳಲ್ಲಿ ಮುಖ್ಯವಾಗಿ ಬೆಳೆಯಲಾಗುತ್ತದೆ. ಒಂದು ಬಳ್ಳಿಯಿಂದ ಸುಮಾರು ಹಲವಾರು ವರ್ಷ ಬೆಳೆ ತೆಗೆಯಬಹುದು. ಮೊದಲನೇ ಕಟಾವನ್ನು ನಾಟಿ ಮಾಡಿದ ೫-೬
೬,೫ ತಿಂಗಳಿಗೆ ಮಾಡುತ್ತಾರೆ. ಪ್ರತಿ ತಿಂಗಳಿಗೊಮ್ಮೆ ಕಟಾವು ಮಾಡಿ ಎಕರೆಗೆ ಸರಾಸರಿ ೧೦ ರಿಂದ ೧೨ ಅಂಡಿಗಳನ್ನು ಪಡೆಯಬಹುದಾಗಿದೆ. ಒಂದು ಅಂಡಿಗೆ ೧೦,೦೦೦ ಎಲೆಗಳು ಇರುತ್ತವೆ. ಇದಕ್ಕೆ ಸಾಮಾನ್ಯವಾಗಿ ₹೫,೦೦೦ ಬೆಲೆ ಸಿಗುತ್ತದೆ' ಎಂದು ರೈತರು ಹೇಳಿದರು. 'ಇಲ್ಲಿನ ಅಂಬಾಡಿ ವೀಳ್ಯದೆಲೆ ವಿಶೇಷತೆ ಏನೆಂದರೆ ಕಡು ಹಸಿರು ಬಣ್ಣ, ಖಾರ, ಉತ್ತಮ ಸುವಾಸನೆ ಹೊಂದಿದೆ' ಎಂದರು.
(ಅವಧಿ ೧೦-೧೨ ದಿನಗಳು), ತೀಕ್ಷ್ಣ ಕಾರ, ಉತ್ತಮ ಬಣ್ಣದಿಂದ ಕೂಡಿದೆ. ಮಾರುಕಟ್ಟೆಯಲ್ಲಿ ಉತ್ತಮ ಬೇಡಿಕೆ ಇದೆ ಎಂದು ಸಹಾಯಕ ಪ್ರಾಧ್ಯಾಪಕರು ತಿಳಿಸಿದರು. 'ವಿಶ್ವವಿದ್ಯಾಲಯದ ಮಾರ್ಗದರ್ಶನದಲ್ಲಿ ರೈತ ಉತ್ಪಾದಕ ಸಂಸ್ಥೆ ಸ್ಥಾಪಿಸಿ, ಮಾರುಕಟ್ಟೆ ಸಂಪರ್ಕ ಕಲ್ಪಿಸುವ ಮೂಲಕ ಭೌಗೋಳಿಕ ಮಾನ್ಯತೆ ನೀಡಿದ್ದೆಯಾದಲ್ಲಿ ಮುಂದಿನ ದಿನಗಳಲ್ಲಿ ರೈತರ ಆರ್ಥಿಕ ಪರಿಸ್ಥಿತಿ ಸುಧಾರಿಸುತ್ತದೆ' ಎಂದು ವಿಜ್ಞಾನಿಗಳು ಹೇಳಿದರು.
ಪುರಸಭೆ ಸಾಮಾನ್ಯಸಭೆ: ಪ್ರತಿಧ್ವನಿಸಿದ ವಿದ್ಯುತ್ ಸಮಸ್ಯೆ
ಕುಳಗೇರಿ ಕ್ರಾಸ್: ಇಲ್ಲಿನ ಪುರಸಭೆಯಲ್ಲಿ ಗುರುವಾರ ಜರುಗಿದ ಸಾಮಾನ್ಯ ಸಭೆಯಲ್ಲಿ ಬಹುತೇಕ ವಿವಿಧ ವಾರ್ಡ್‌ಗಳಲ್ಲಿನ ವಿದ್ಯುತ್ ಸಮಸ್ಯೆ ಪ್ರತಿಧ್ವನಿಸಿತು. 'ನೇಕಾರ ವಾರ್ಡ್‌ಗಳಲ್ಲಿ ವಿದ್ಯುತ್ ಕಂಬ ಹಾಗೂ ಮಗ್ಗ ಪರಿವರ್ತಕಗಳ ಬದಲಾವಣೆಗೆ ಅನುದಾನ ಮೀಸಲಿರಿಸಿದ್ದರೂ, ನಾಲ್ಕು ತಿಂಗಳಿನಿಂದ ಯಾವುದೇ ಕೆಲಸ ಮಾಡಿಲ್ಲ. ಹೆಸ್ಕಾಂ ಅಧಿಕಾರಿಗಳು ಸಭೆಗೂ ಹಾಜರಾಗುತ್ತಿಲ್ಲ. ಅಭಿವೃದ್ಧಿ ಕೆಲಸಕ್ಕೆ ಹಿನ್ನಡೆಯಾಗುತ್ತಿದೆ' ಎಂದು ಸದಸ್ಯರು ಆಕ್ರೋಶ ವ್ಯಕ್ತಪಡಿಸಿದರು. ಇದಕ್ಕೆ ದನಿಗೂಡಿಸಿದ ಸದಸ್ಯರು, 'ನೇಕಾರ ವಾರ್ಡ್‌ಗಳಲ್ಲಿ ಮಗ್ಗ ಪರಿವರ್ತಕ ಬದಲಾವಣೆ ಕುರಿತು ಕ್ರಮಕೈಗೊಳ್ಳಬೇಕು. ನಾಲ್ಕು ತಿಂಗಳಾದರೂ ಅಧಿಕಾರಿಗಳು ಸ್ಪಂದಿಸಿಲ್ಲ' ಎಂದರು. ಬಳಿಕ ಮುಖ್ಯಾಧಿಕಾರಿ ಮಾತನಾಡಿ, 'ನೇಕಾರ ವಾರ್ಡ್‌ಗಳಲ್ಲಿ ವಿದ್ಯುತ್ ಕಂಬಗಳ ಬದಲಾವಣೆಗೆ ಈಗಾಗಲೇ ಅನುದಾನ ಮೀಸಲಿರಿಸಲಾಗಿದೆ. ಹೆಸ್ಕಾಂ ಅಧಿಕಾರಿಗಳ ಜೊತೆ ಮಾತನಾಡಿ ಶೀಘ್ರ ಕೆಲಸ ಆರಂಭಿಸಲು ಸೂಚಿಸಲಾಗುವುದು' ಎಂದು ಭರವಸೆ ನೀಡಿದರು. ಇದಕ್ಕೆ ಪ್ರತಿಕ್ರಿಯಿಸಿದ ಹೆಸ್ಕಾಂ ಎಂಜಿನಿಯರ್, 'ಶೀಘ್ರದಲ್ಲೇ ಕೆಲಸ ಆರಂಭಿಸಲಾಗುವುದು' ಎಂದರು. ಸಭೆಯಲ್ಲಿ ಅಧ್ಯಕ್ಷರು, ಉಪಾಧ್ಯಕ್ಷರು ಹಾಗೂ ಸದಸ್ಯರು ಹಾಜರಿದ್ದರು. ಪುರಸಭೆ ವ್ಯಾಪ್ತಿಯ ವಿವಿಧ ಅಭಿವೃದ್ಧಿ ಕಾಮಗಾರಿಗಳ ಕುರಿತು ಚರ್ಚಿಸಲಾಯಿತು. ಅನುದಾನ ಬಳಕೆ ಕುರಿತು ಮಾಹಿತಿ ನೀಡಲಾಯಿತು.
